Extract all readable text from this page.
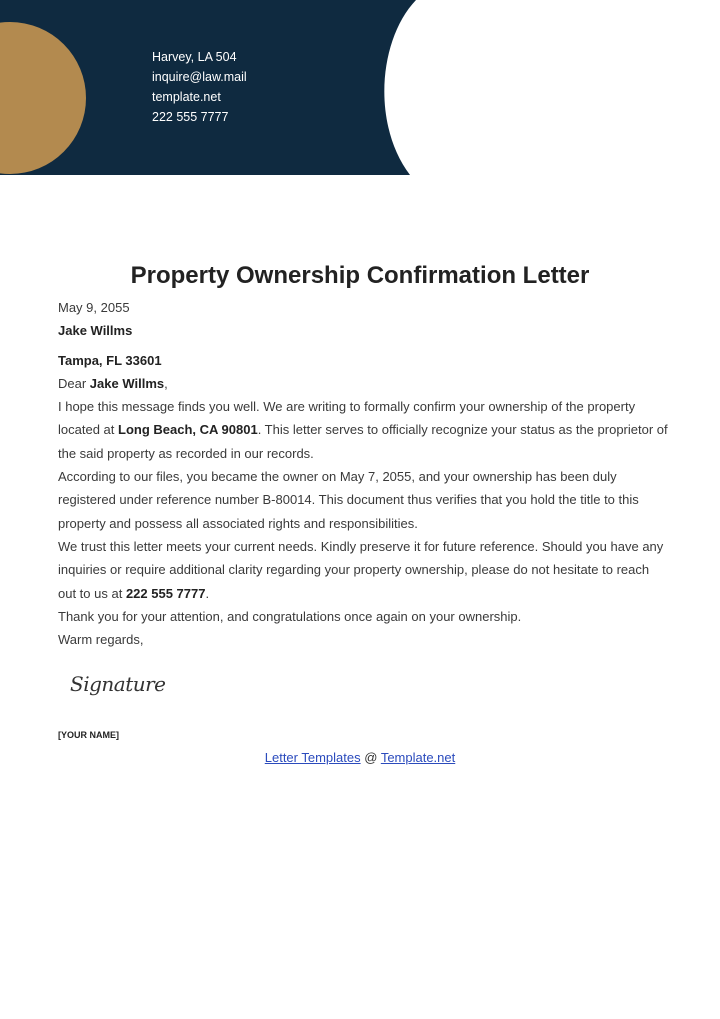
Harvey, LA 504
inquire@law.mail
template.net
222 555 7777
Property Ownership Confirmation Letter

May 9, 2055

Jake Willms

Tampa, FL 33601

Dear Jake Willms,

I hope this message finds you well. We are writing to formally confirm your ownership of the property located at Long Beach, CA 90801. This letter serves to officially recognize your status as the proprietor of the said property as recorded in our records.

According to our files, you became the owner on May 7, 2055, and your ownership has been duly registered under reference number B-80014. This document thus verifies that you hold the title to this property and possess all associated rights and responsibilities.

We trust this letter meets your current needs. Kindly preserve it for future reference. Should you have any inquiries or require additional clarity regarding your property ownership, please do not hesitate to reach out to us at 222 555 7777.

Thank you for your attention, and congratulations once again on your ownership.

Warm regards,

Signature
[YOUR NAME]
Letter Templates @ Template.net
